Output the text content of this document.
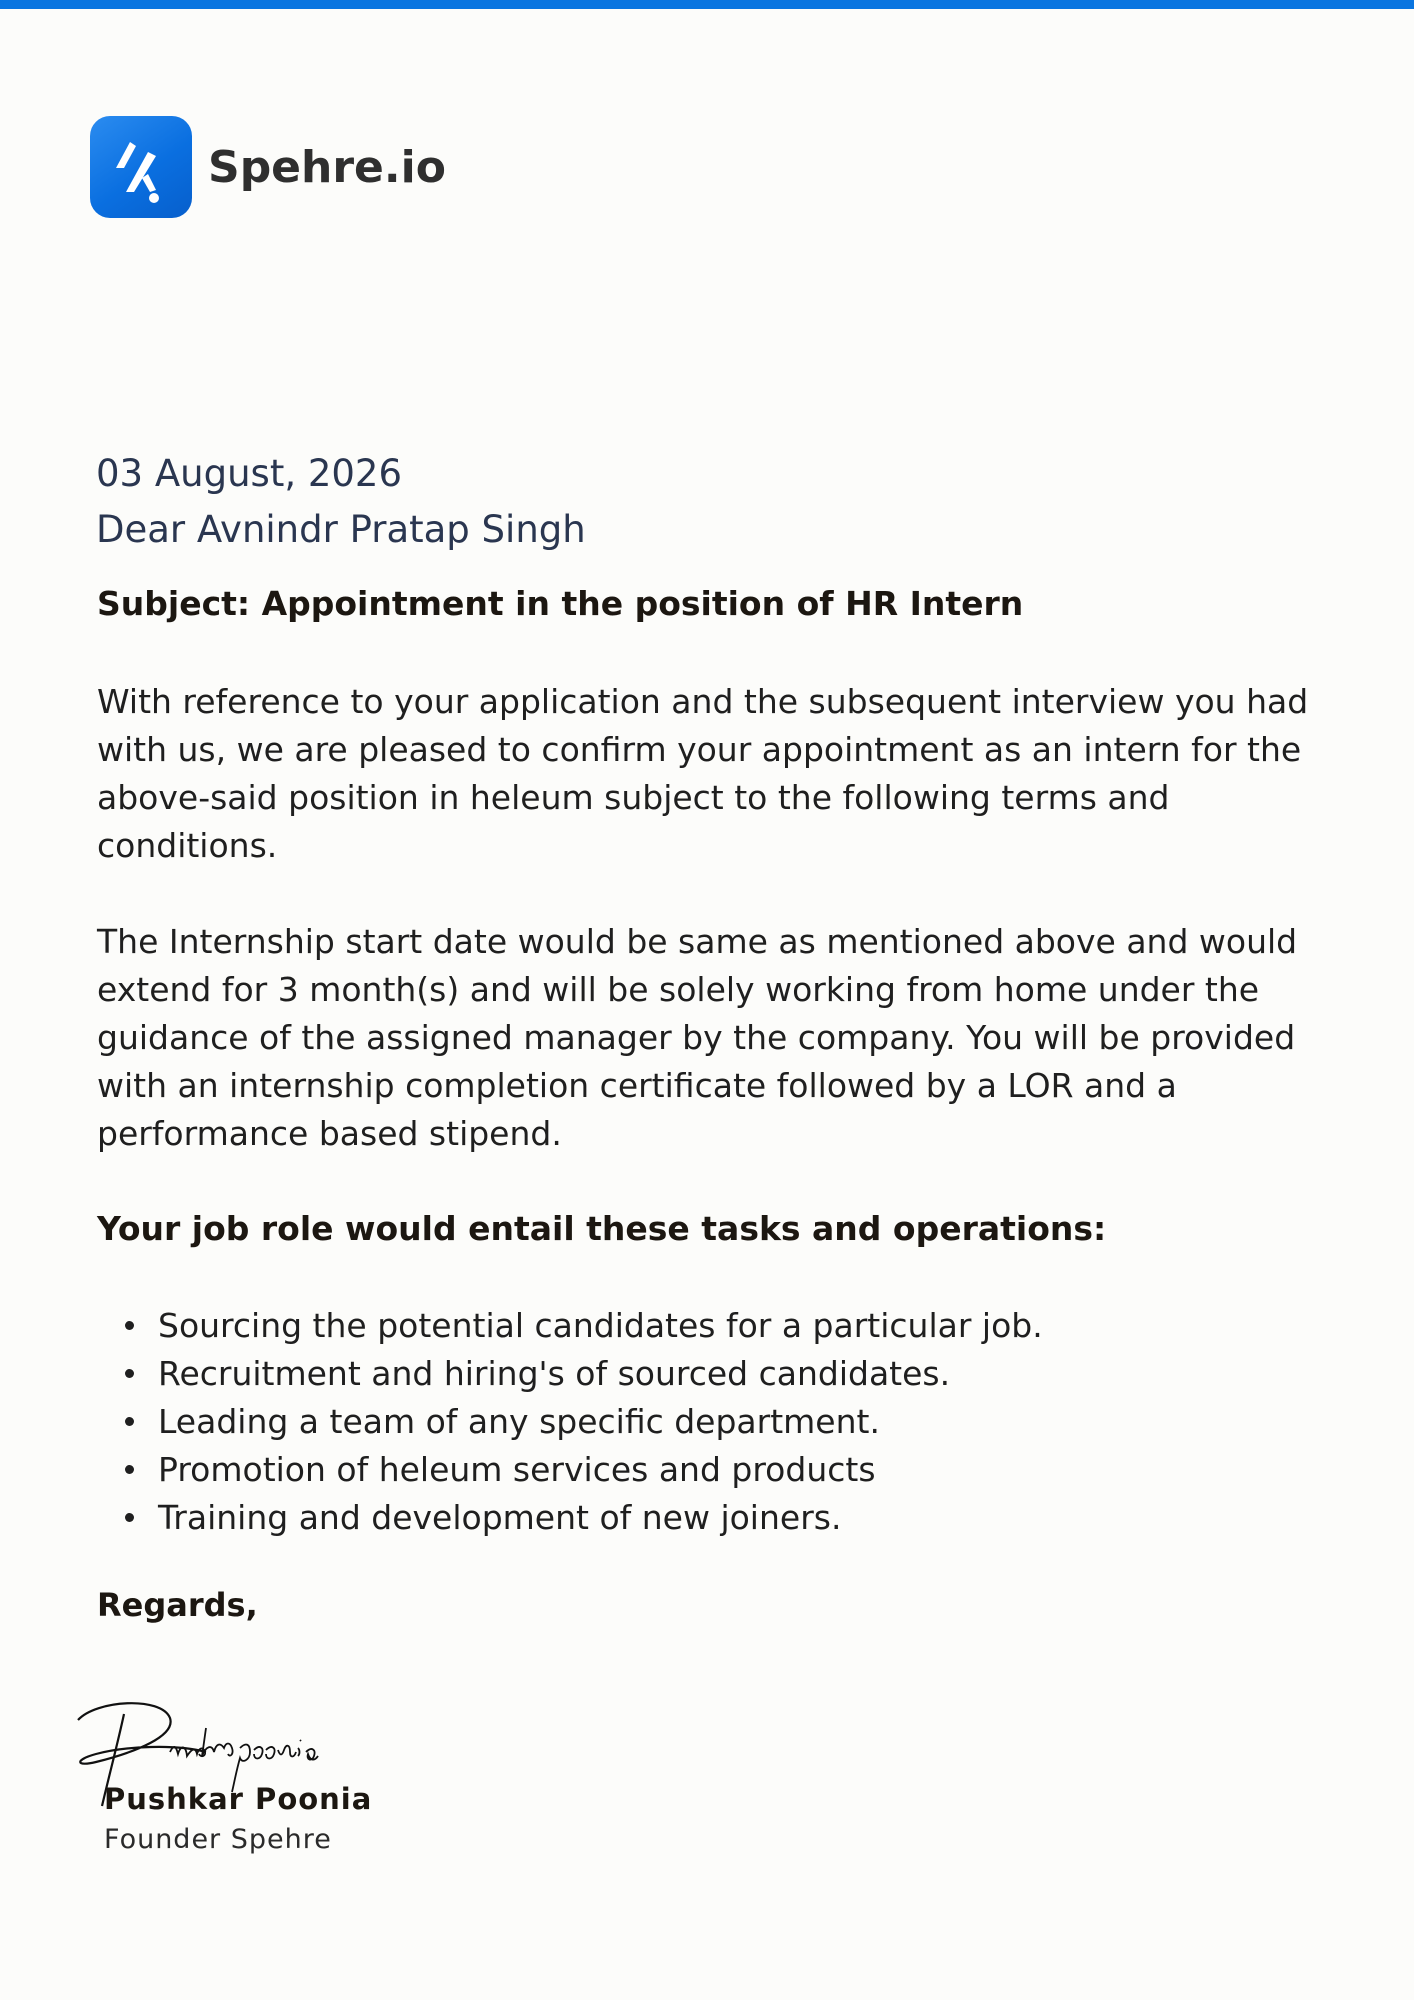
Spehre.io
03 August, 2026
Dear Avnindr Pratap Singh
Subject: Appointment in the position of HR Intern

With reference to your application and the subsequent interview you had with us, we are pleased to confirm your appointment as an intern for the above-said position in heleum subject to the following terms and conditions.

The Internship start date would be same as mentioned above and would extend for 3 month(s) and will be solely working from home under the guidance of the assigned manager by the company. You will be provided with an internship completion certificate followed by a LOR and a performance based stipend.

Your job role would entail these tasks and operations:
Sourcing the potential candidates for a particular job.
Recruitment and hiring's of sourced candidates.
Leading a team of any specific department.
Promotion of heleum services and products
Training and development of new joiners.
Regards,
Pushkar Poonia
Founder Spehre
